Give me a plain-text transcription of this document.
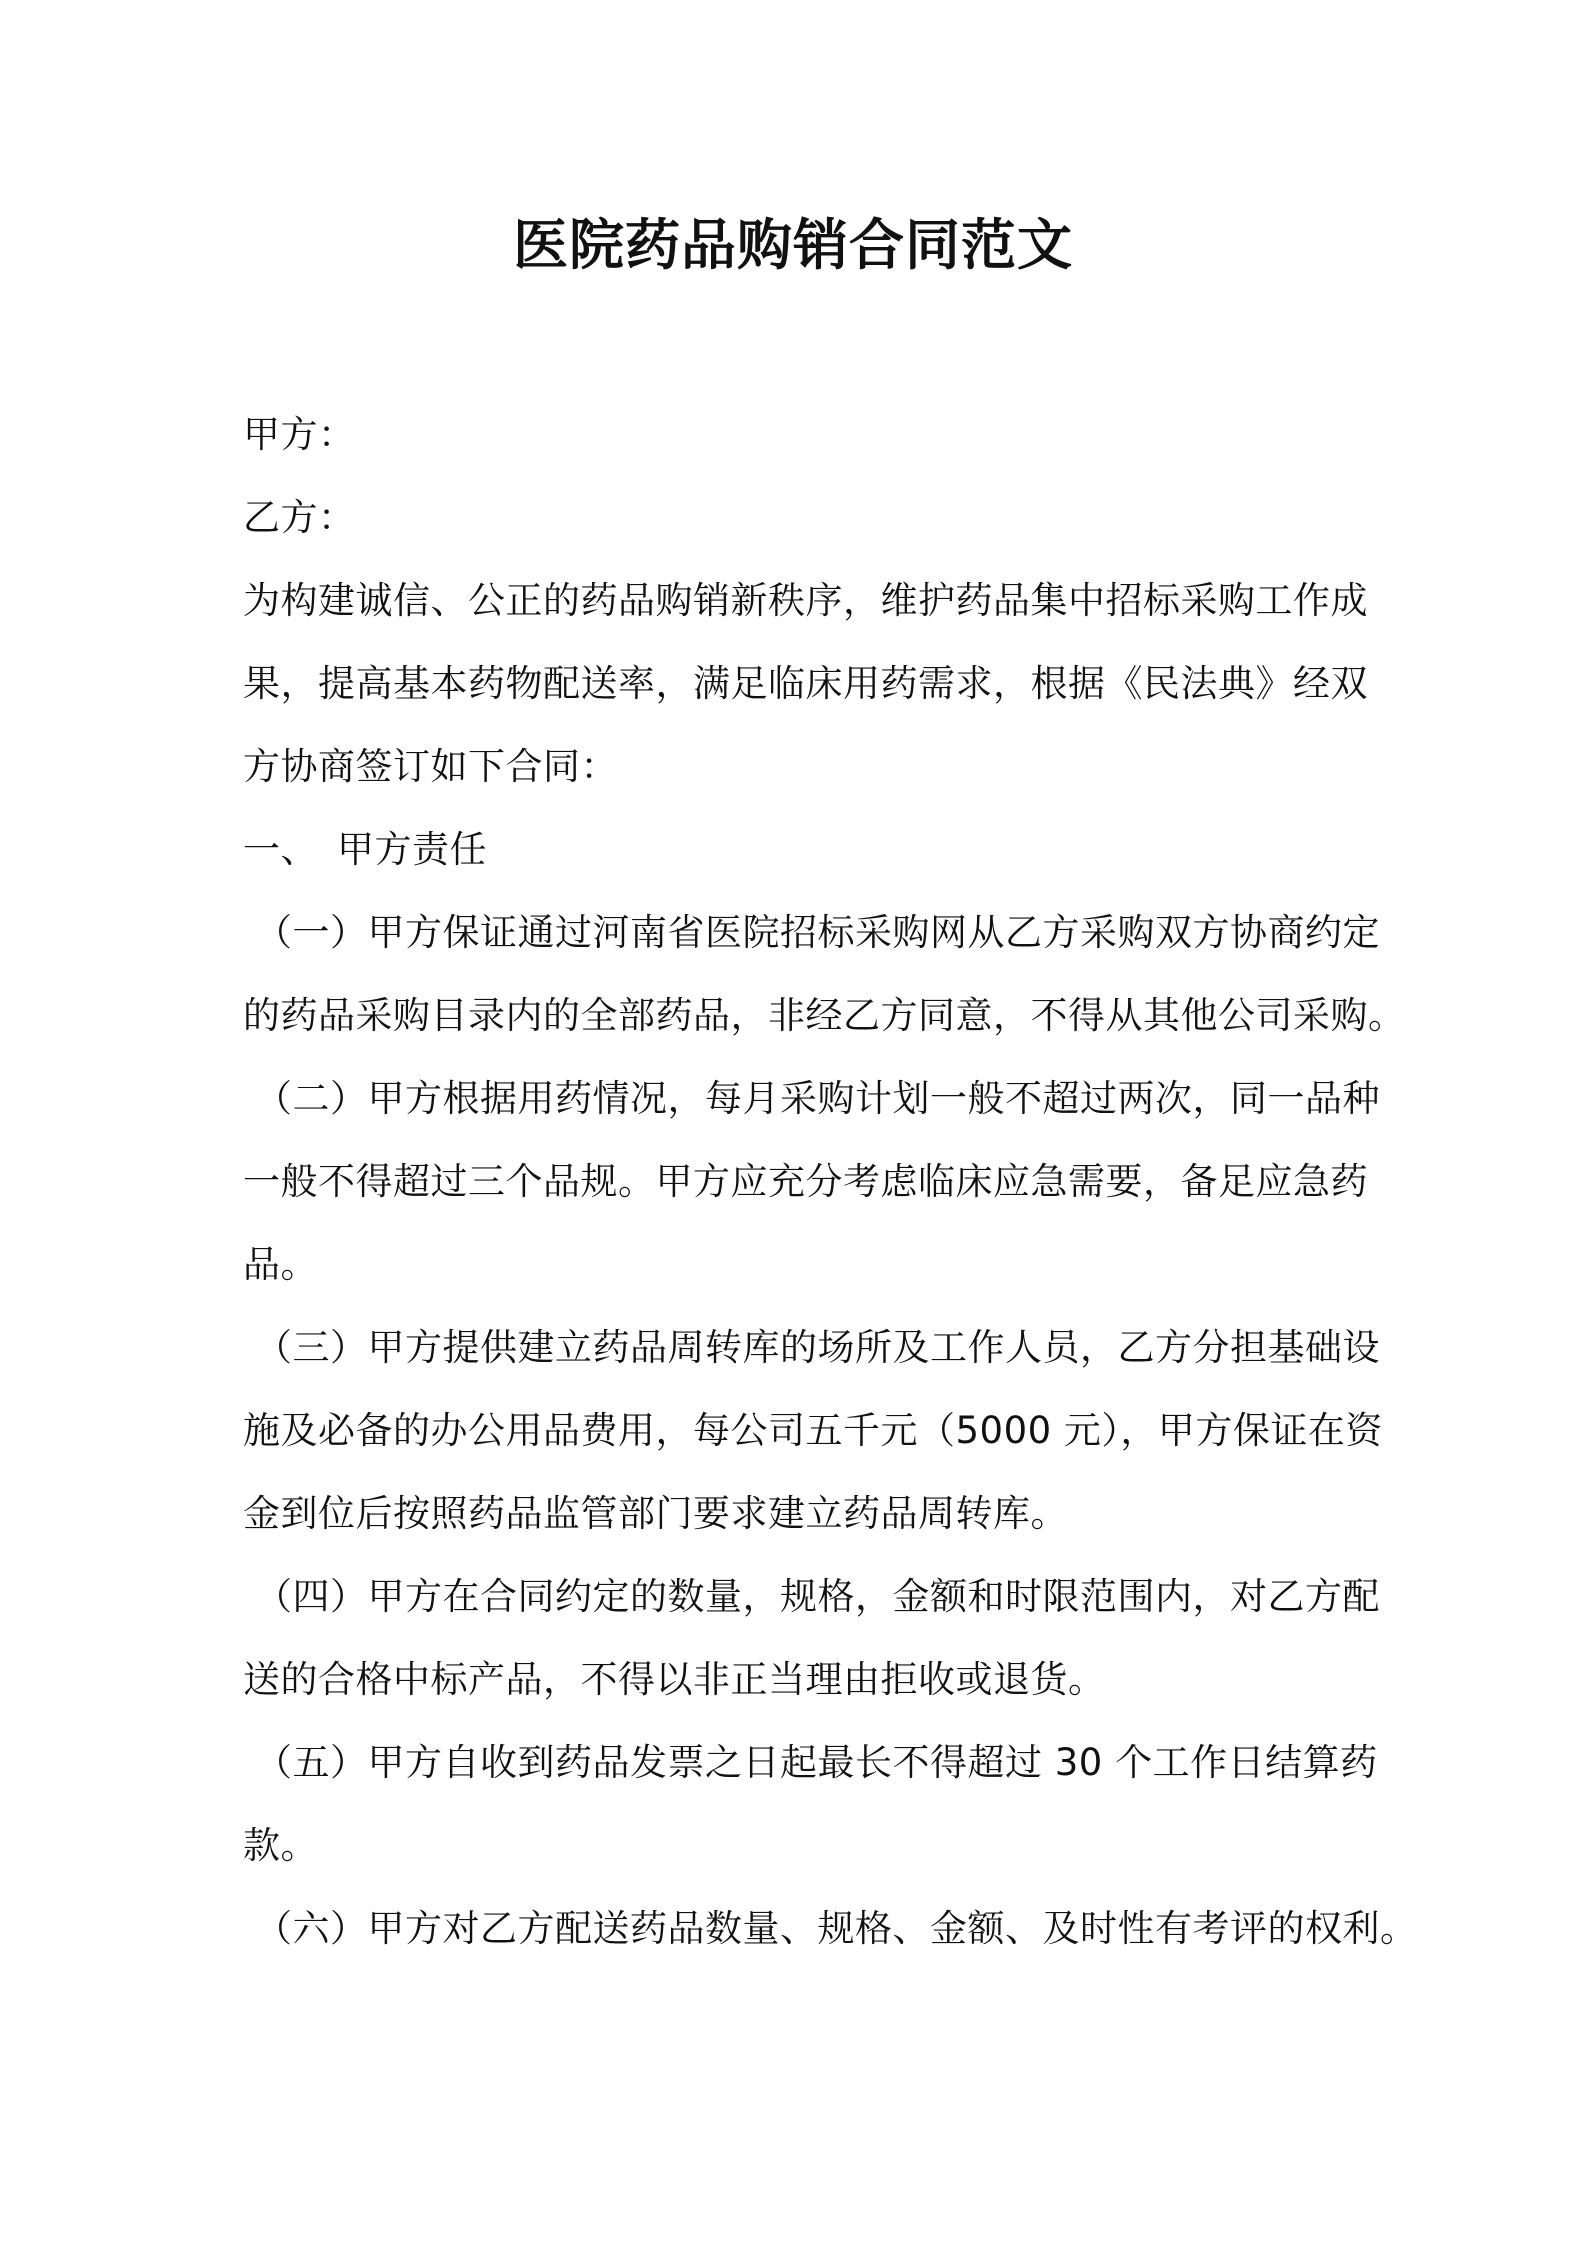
医院药品购销合同范文
甲方：
乙方：
为构建诚信、公正的药品购销新秩序，维护药品集中招标采购工作成
果，提高基本药物配送率，满足临床用药需求，根据《民法典》经双
方协商签订如下合同：
一、　甲方责任
（一）甲方保证通过河南省医院招标采购网从乙方采购双方协商约定
的药品采购目录内的全部药品，非经乙方同意，不得从其他公司采购。
（二）甲方根据用药情况，每月采购计划一般不超过两次，同一品种
一般不得超过三个品规。甲方应充分考虑临床应急需要，备足应急药
品。
（三）甲方提供建立药品周转库的场所及工作人员，乙方分担基础设
施及必备的办公用品费用，每公司五千元（5000 元），甲方保证在资
金到位后按照药品监管部门要求建立药品周转库。
（四）甲方在合同约定的数量，规格，金额和时限范围内，对乙方配
送的合格中标产品，不得以非正当理由拒收或退货。
（五）甲方自收到药品发票之日起最长不得超过 30 个工作日结算药
款。
（六）甲方对乙方配送药品数量、规格、金额、及时性有考评的权利。
